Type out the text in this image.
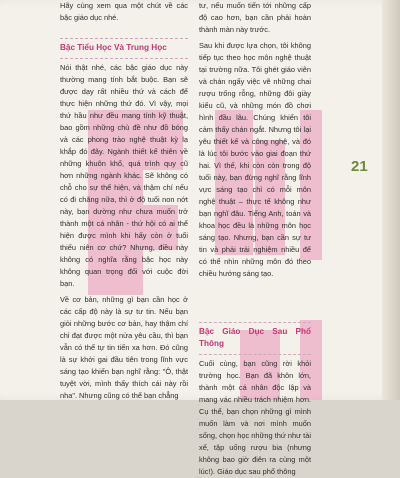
Hãy cùng xem qua một chút về các bậc giáo dục nhé.

Bậc Tiểu Học Và Trung Học

Nói thật nhé, các bậc giáo dục này thường mang tính bắt buộc. Bạn sẽ được dạy rất nhiều thứ và cách để thực hiện những thứ đó. Vì vậy, mọi thứ hầu như đều mang tính kỹ thuật, bao gồm những chủ đề như đồ bóng và các phong trào nghệ thuật kỳ lạ khắp đó đây. Ngành thiết kế thiên về những khuôn khổ, quá trình quy cũ hơn những ngành khác. Sẽ không có chỗ cho sự thể hiện, và thậm chí nếu có đi chăng nữa, thì ở độ tuổi non nớt này, bạn dường như chưa muốn trở thành một cá nhân - thứ hội có ai thể hiện được mình khi hấy còn ở tuổi thiếu niên cơ chứ? Nhưng, điều này không có nghĩa rằng bậc học này không quan trọng đối với cuộc đời bạn.

Về cơ bản, những gì bạn cần học ở các cấp độ này là sự tư tin. Nếu bạn giỏi những bước cơ bản, hay thậm chí chỉ đạt được một nửa yêu cầu, thì bạn vẫn có thể tự tin tiến xa hơn. Đó cũng là sự khởi gai đầu tiên trong lĩnh vực sáng tạo khiến bạn nghĩ rằng: "Ô, thật tuyệt vời, mình thấy thích cái này rồi nha". Nhưng cũng có thể bạn chẳng

tư, nếu muốn tiến tới những cấp độ cao hơn, bạn cần phải hoàn thành màn này trước.

Sau khi được lựa chọn, tôi không tiếp tục theo học môn nghệ thuật tại trường nữa. Tôi ghét giáo viên và chán ngấy việc vẽ những chai rượu trống rỗng, những đôi giày kiểu cũ, và những món đồ chơi hình đầu lâu. Chúng khiến tôi cảm thấy chán ngắt. Nhưng tôi lại yêu thiết kế và công nghệ, và đó là lúc tôi bước vào giai đoạn thứ hai. Vì thế, khi còn còn trong độ tuổi này, bạn đừng nghĩ rằng lĩnh vực sáng tạo chỉ có mỗi môn nghệ thuật – thực tế không như bạn nghĩ đâu. Tiếng Anh, toán và khoa học đều là những môn học sáng tạo. Nhưng, bạn cần sự tư tin và phải trải nghiệm nhiều để có thể nhìn những môn đó theo chiều hướng sáng tạo.

Bậc Giáo Dục Sau Phổ Thông

Cuối cùng, bạn cũng rời khỏi trường học. Bạn đã khôn lớn, thành một cá nhân độc lập và mang vác nhiều trách nhiệm hơn. Cụ thể, bạn chọn những gì mình muốn làm và nơi mình muốn sống, chọn học những thứ như tài xế, tập uống rượu bia (nhưng không bao giờ điên ra cùng một lúc!). Giáo dục sau phổ thông

21
